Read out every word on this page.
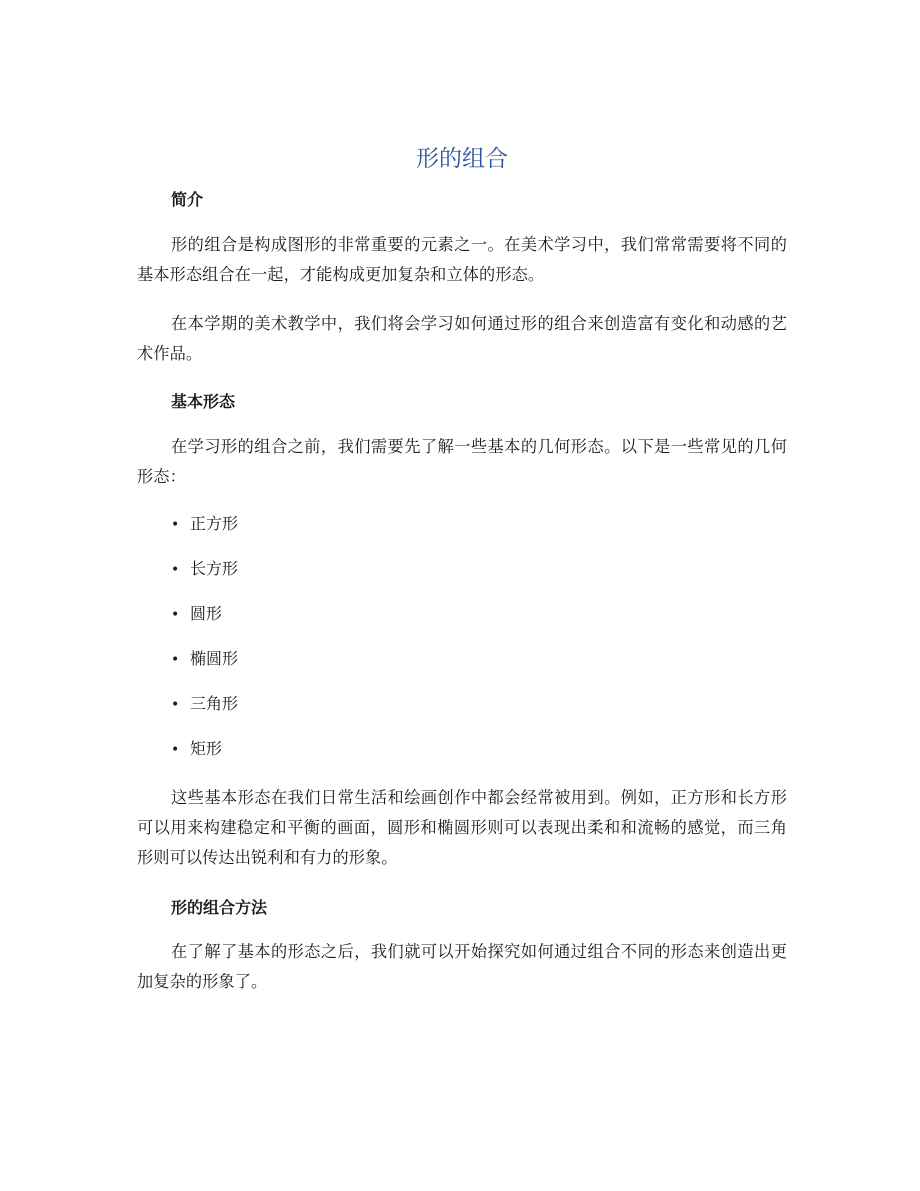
形的组合
简介

形的组合是构成图形的非常重要的元素之一。在美术学习中，我们常常需要将不同的基本形态组合在一起，才能构成更加复杂和立体的形态。

在本学期的美术教学中，我们将会学习如何通过形的组合来创造富有变化和动感的艺术作品。

基本形态

在学习形的组合之前，我们需要先了解一些基本的几何形态。以下是一些常见的几何形态：

• 正方形

• 长方形

• 圆形

• 椭圆形

• 三角形

• 矩形

这些基本形态在我们日常生活和绘画创作中都会经常被用到。例如，正方形和长方形可以用来构建稳定和平衡的画面，圆形和椭圆形则可以表现出柔和和流畅的感觉，而三角形则可以传达出锐利和有力的形象。

形的组合方法

在了解了基本的形态之后，我们就可以开始探究如何通过组合不同的形态来创造出更加复杂的形象了。
